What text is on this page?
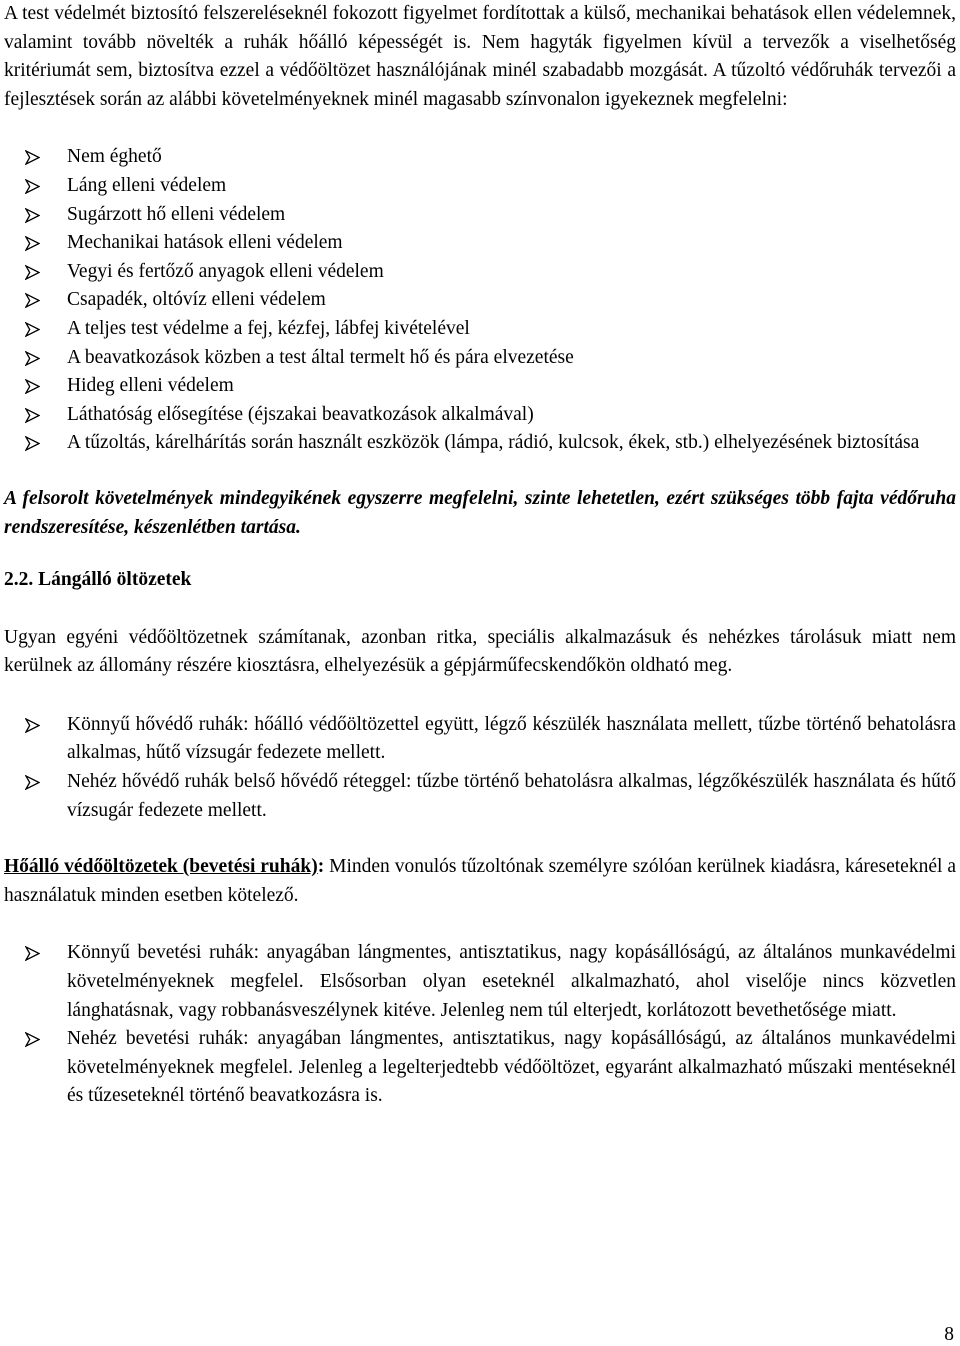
A test védelmét biztosító felszereléseknél fokozott figyelmet fordítottak a külső, mechanikai behatások ellen védelemnek, valamint tovább növelték a ruhák hőálló képességét is. Nem hagyták figyelmen kívül a tervezők a viselhetőség kritériumát sem, biztosítva ezzel a védőöltözet használójának minél szabadabb mozgását. A tűzoltó védőruhák tervezői a fejlesztések során az alábbi követelményeknek minél magasabb színvonalon igyekeznek megfelelni:

Nem éghető
Láng elleni védelem
Sugárzott hő elleni védelem
Mechanikai hatások elleni védelem
Vegyi és fertőző anyagok elleni védelem
Csapadék, oltóvíz elleni védelem
A teljes test védelme a fej, kézfej, lábfej kivételével
A beavatkozások közben a test által termelt hő és pára elvezetése
Hideg elleni védelem
Láthatóság elősegítése (éjszakai beavatkozások alkalmával)
A tűzoltás, kárelhárítás során használt eszközök (lámpa, rádió, kulcsok, ékek, stb.) elhelyezésének biztosítása

A felsorolt követelmények mindegyikének egyszerre megfelelni, szinte lehetetlen, ezért szükséges több fajta védőruha rendszeresítése, készenlétben tartása.

2.2. Lángálló öltözetek

Ugyan egyéni védőöltözetnek számítanak, azonban ritka, speciális alkalmazásuk és nehézkes tárolásuk miatt nem kerülnek az állomány részére kiosztásra, elhelyezésük a gépjárműfecskendőkön oldható meg.

Könnyű hővédő ruhák: hőálló védőöltözettel együtt, légző készülék használata mellett, tűzbe történő behatolásra alkalmas, hűtő vízsugár fedezete mellett.
Nehéz hővédő ruhák belső hővédő réteggel: tűzbe történő behatolásra alkalmas, légzőkészülék használata és hűtő vízsugár fedezete mellett.

Hőálló védőöltözetek (bevetési ruhák): Minden vonulós tűzoltónak személyre szólóan kerülnek kiadásra, káreseteknél a használatuk minden esetben kötelező.

Könnyű bevetési ruhák: anyagában lángmentes, antisztatikus, nagy kopásállóságú, az általános munkavédelmi követelményeknek megfelel. Elsősorban olyan eseteknél alkalmazható, ahol viselője nincs közvetlen lánghatásnak, vagy robbanásveszélynek kitéve. Jelenleg nem túl elterjedt, korlátozott bevethetősége miatt.
Nehéz bevetési ruhák: anyagában lángmentes, antisztatikus, nagy kopásállóságú, az általános munkavédelmi követelményeknek megfelel. Jelenleg a legelterjedtebb védőöltözet, egyaránt alkalmazható műszaki mentéseknél és tűzeseteknél történő beavatkozásra is.
8
